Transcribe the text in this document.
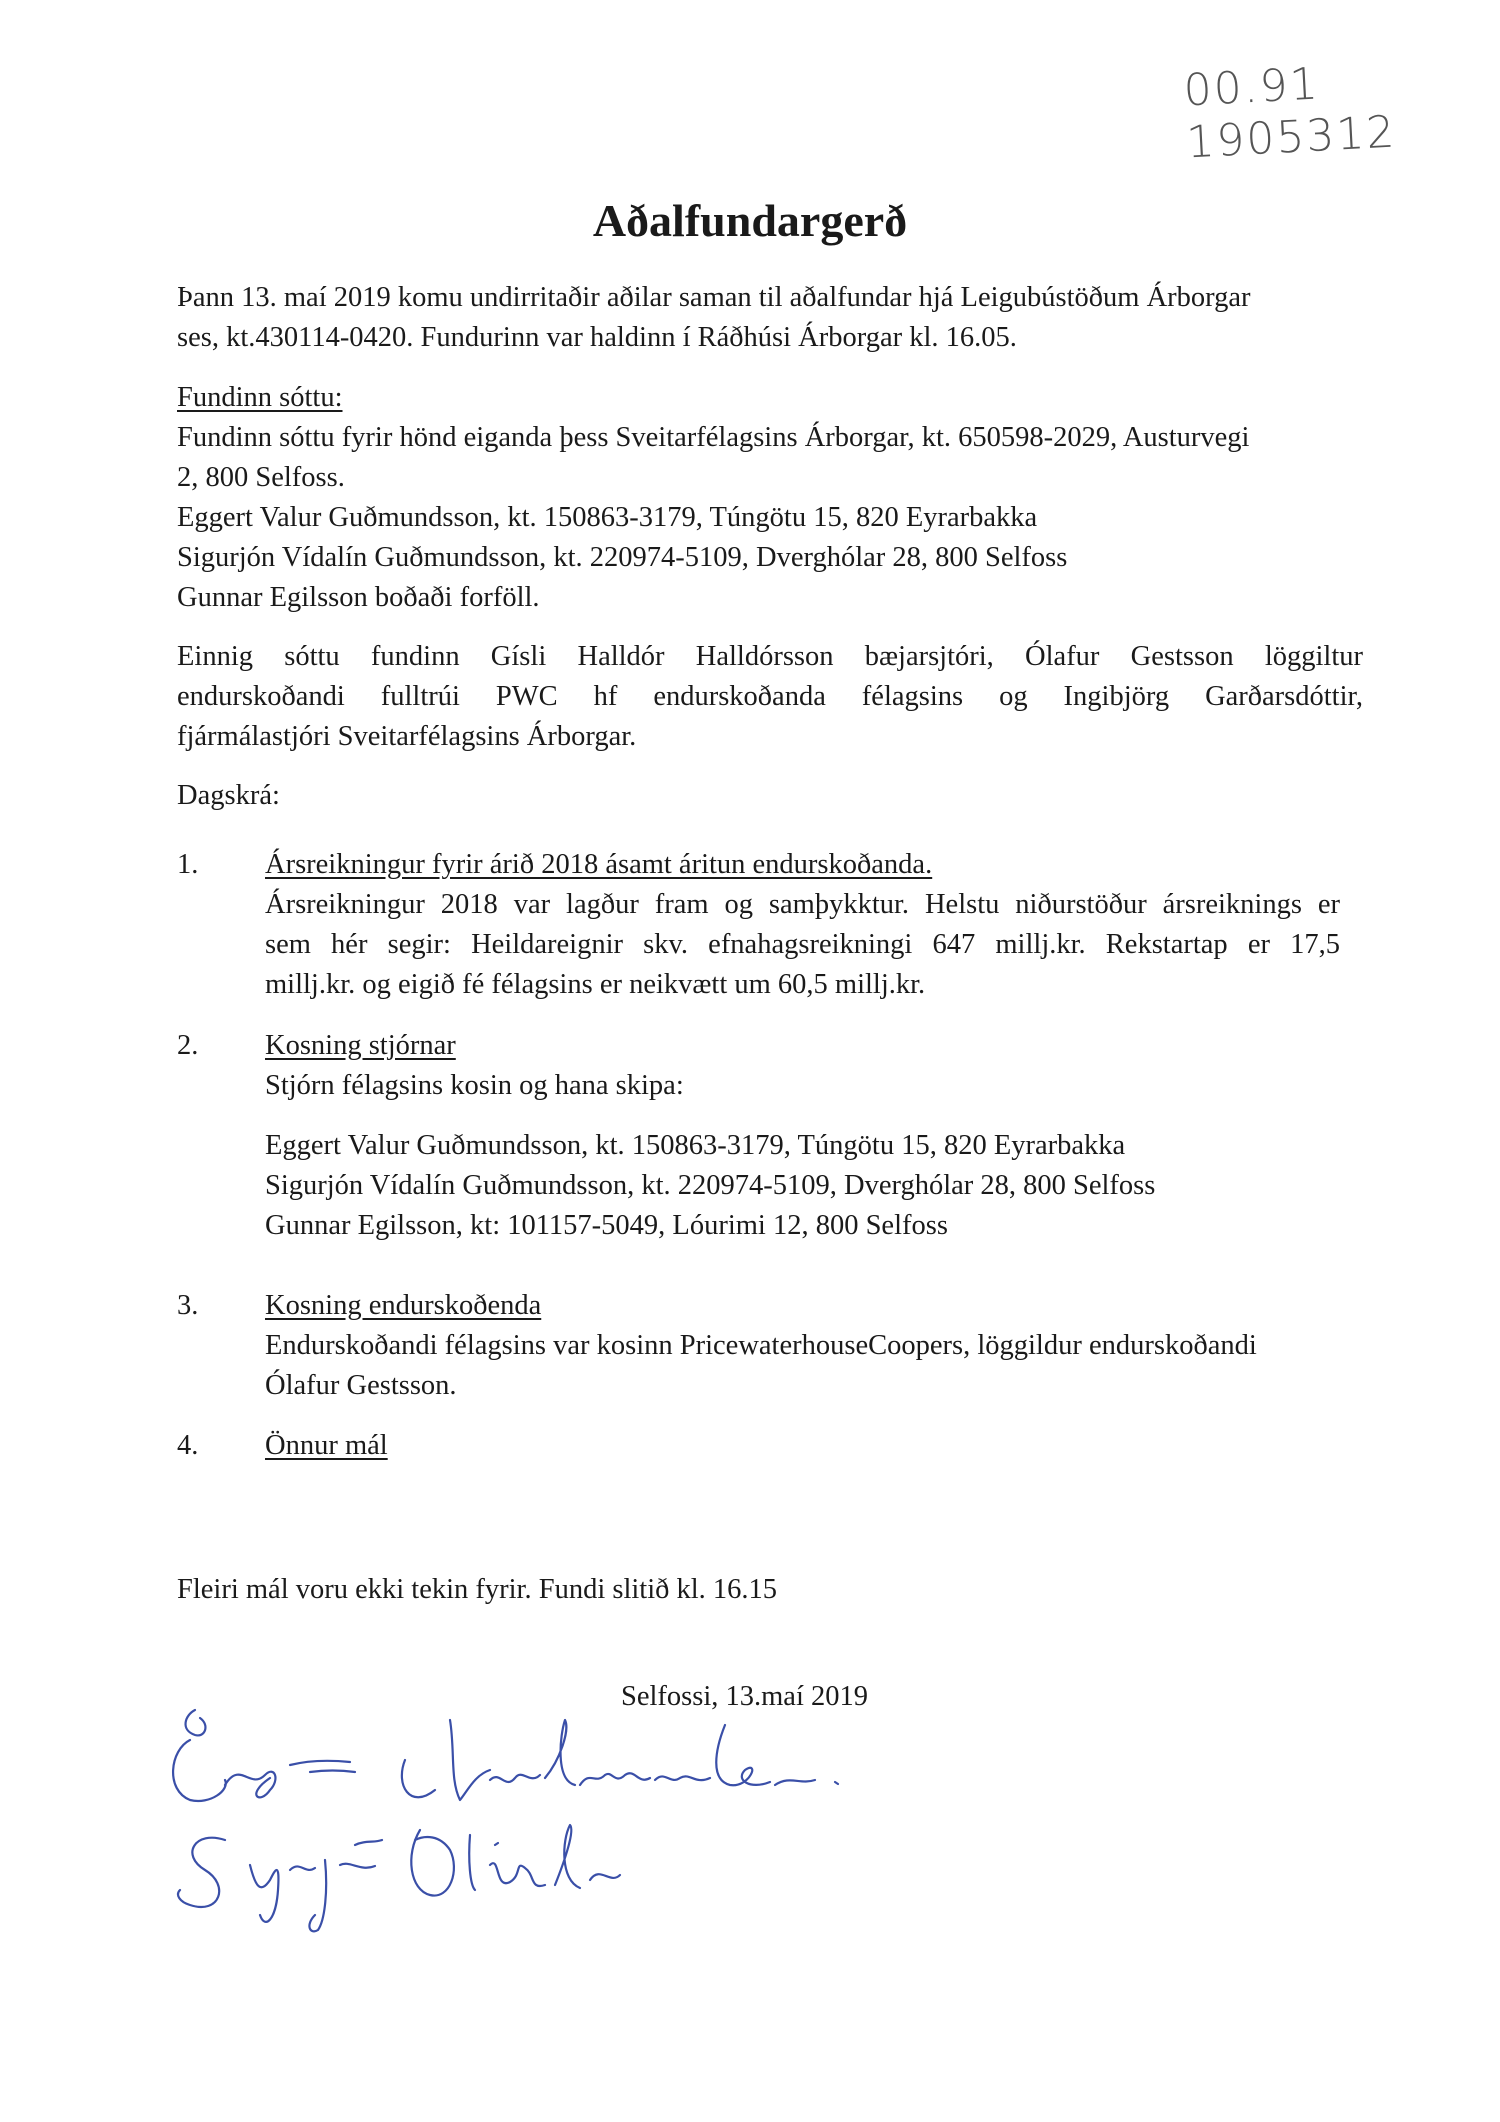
00.91
1905312
Aðalfundargerð
Þann 13. maí 2019 komu undirritaðir aðilar saman til aðalfundar hjá Leigubústöðum Árborgar
ses, kt.430114-0420. Fundurinn var haldinn í Ráðhúsi Árborgar kl. 16.05.
Fundinn sóttu:
Fundinn sóttu fyrir hönd eiganda þess Sveitarfélagsins Árborgar, kt. 650598-2029, Austurvegi
2, 800 Selfoss.
Eggert Valur Guðmundsson, kt. 150863-3179, Túngötu 15, 820 Eyrarbakka
Sigurjón Vídalín Guðmundsson, kt. 220974-5109, Dverghólar 28, 800 Selfoss
Gunnar Egilsson boðaði forföll.
Einnig sóttu fundinn Gísli Halldór Halldórsson bæjarsjtóri, Ólafur Gestsson löggiltur
endurskoðandi fulltrúi PWC hf endurskoðanda félagsins og Ingibjörg Garðarsdóttir,
fjármálastjóri Sveitarfélagsins Árborgar.
Dagskrá:
1. Ársreikningur fyrir árið 2018 ásamt áritun endurskoðanda.
Ársreikningur 2018 var lagður fram og samþykktur. Helstu niðurstöður ársreiknings er
sem hér segir: Heildareignir skv. efnahagsreikningi 647 millj.kr. Rekstartap er 17,5
millj.kr. og eigið fé félagsins er neikvætt um 60,5 millj.kr.
2. Kosning stjórnar
Stjórn félagsins kosin og hana skipa:
Eggert Valur Guðmundsson, kt. 150863-3179, Túngötu 15, 820 Eyrarbakka
Sigurjón Vídalín Guðmundsson, kt. 220974-5109, Dverghólar 28, 800 Selfoss
Gunnar Egilsson, kt: 101157-5049, Lóurimi 12, 800 Selfoss
3. Kosning endurskoðenda
Endurskoðandi félagsins var kosinn PricewaterhouseCoopers, löggildur endurskoðandi
Ólafur Gestsson.
4. Önnur mál
Fleiri mál voru ekki tekin fyrir. Fundi slitið kl. 16.15
Selfossi, 13.maí 2019
